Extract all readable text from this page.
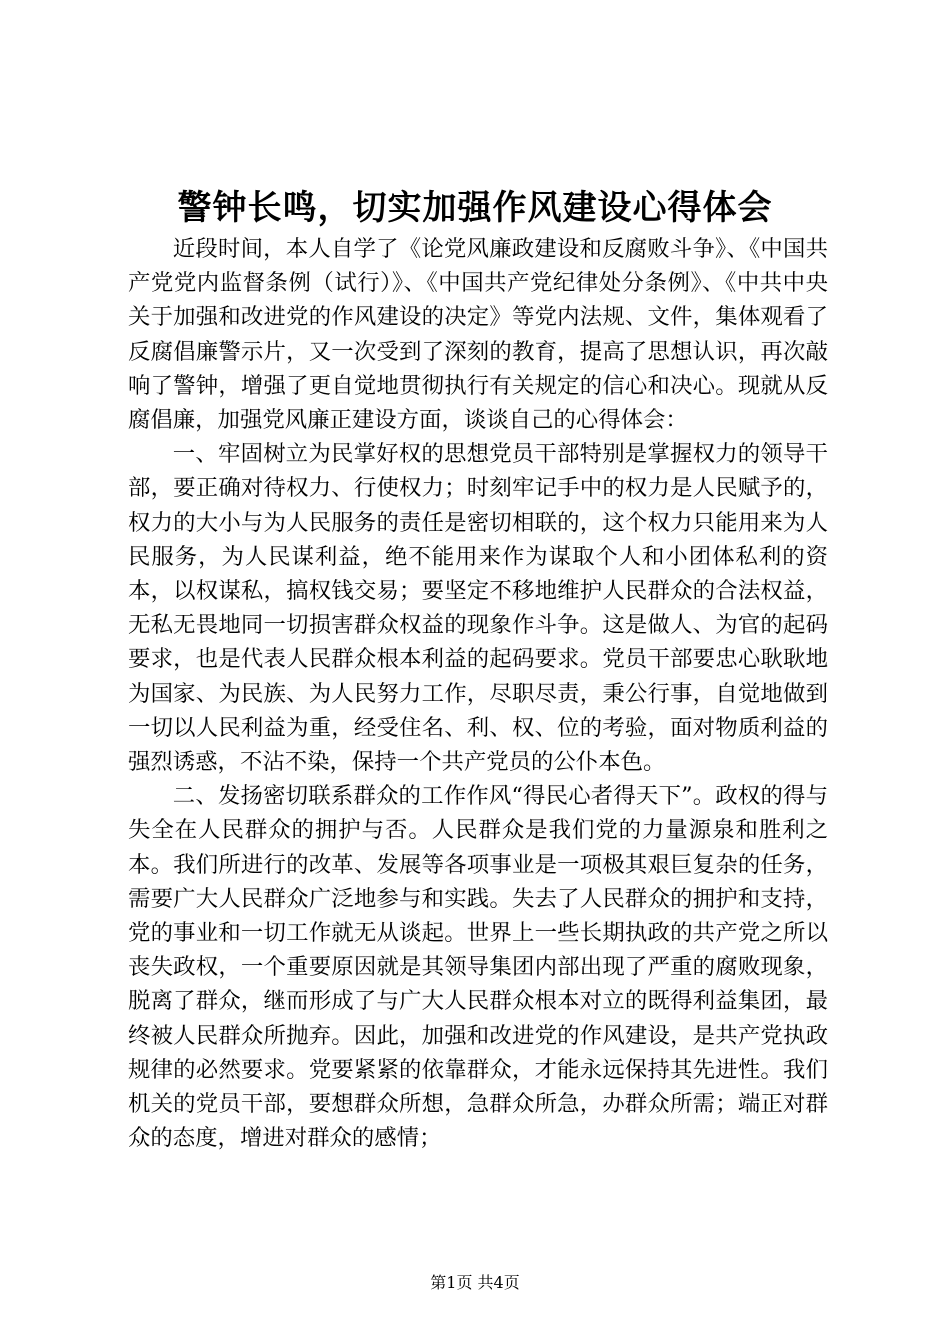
警钟长鸣，切实加强作风建设心得体会

近段时间，本人自学了《论党风廉政建设和反腐败斗争》、《中国共产党党内监督条例（试行）》、《中国共产党纪律处分条例》、《中共中央关于加强和改进党的作风建设的决定》等党内法规、文件，集体观看了反腐倡廉警示片，又一次受到了深刻的教育，提高了思想认识，再次敲响了警钟，增强了更自觉地贯彻执行有关规定的信心和决心。现就从反腐倡廉，加强党风廉正建设方面，谈谈自己的心得体会：

一、牢固树立为民掌好权的思想党员干部特别是掌握权力的领导干部，要正确对待权力、行使权力；时刻牢记手中的权力是人民赋予的，权力的大小与为人民服务的责任是密切相联的，这个权力只能用来为人民服务，为人民谋利益，绝不能用来作为谋取个人和小团体私利的资本，以权谋私，搞权钱交易；要坚定不移地维护人民群众的合法权益，无私无畏地同一切损害群众权益的现象作斗争。这是做人、为官的起码要求，也是代表人民群众根本利益的起码要求。党员干部要忠心耿耿地为国家、为民族、为人民努力工作，尽职尽责，秉公行事，自觉地做到一切以人民利益为重，经受住名、利、权、位的考验，面对物质利益的强烈诱惑，不沾不染，保持一个共产党员的公仆本色。

二、发扬密切联系群众的工作作风“得民心者得天下”。政权的得与失全在人民群众的拥护与否。人民群众是我们党的力量源泉和胜利之本。我们所进行的改革、发展等各项事业是一项极其艰巨复杂的任务，需要广大人民群众广泛地参与和实践。失去了人民群众的拥护和支持，党的事业和一切工作就无从谈起。世界上一些长期执政的共产党之所以丧失政权，一个重要原因就是其领导集团内部出现了严重的腐败现象，脱离了群众，继而形成了与广大人民群众根本对立的既得利益集团，最终被人民群众所抛弃。因此，加强和改进党的作风建设，是共产党执政规律的必然要求。党要紧紧的依靠群众，才能永远保持其先进性。我们机关的党员干部，要想群众所想，急群众所急，办群众所需；端正对群众的态度，增进对群众的感情；

第1页 共4页
